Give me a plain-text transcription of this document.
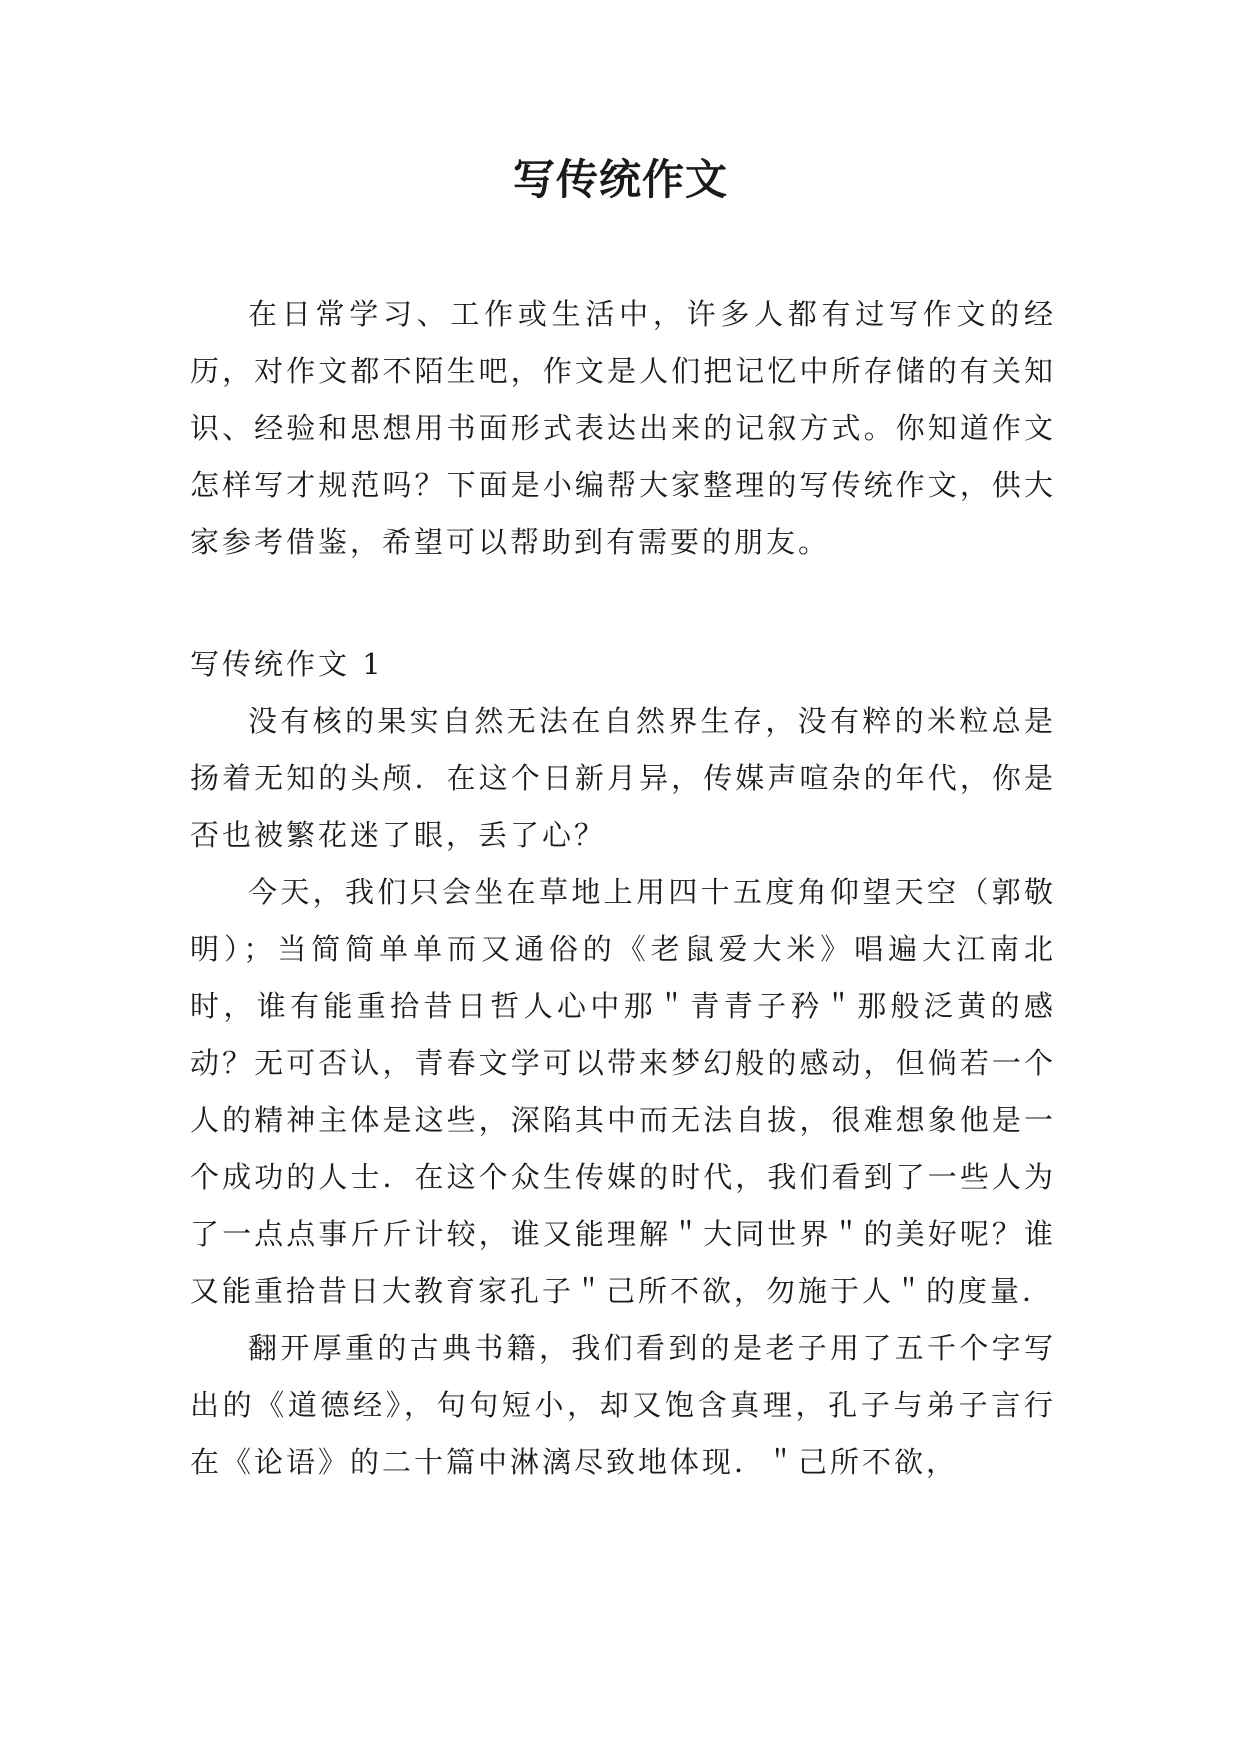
写传统作文

在日常学习、工作或生活中，许多人都有过写作文的经历，对作文都不陌生吧，作文是人们把记忆中所存储的有关知识、经验和思想用书面形式表达出来的记叙方式。你知道作文怎样写才规范吗？下面是小编帮大家整理的写传统作文，供大家参考借鉴，希望可以帮助到有需要的朋友。

写传统作文 1

没有核的果实自然无法在自然界生存，没有粹的米粒总是扬着无知的头颅．在这个日新月异，传媒声喧杂的年代，你是否也被繁花迷了眼，丢了心？

今天，我们只会坐在草地上用四十五度角仰望天空（郭敬明）；当简简单单而又通俗的《老鼠爱大米》唱遍大江南北时，谁有能重拾昔日哲人心中那＂青青子矜＂那般泛黄的感动？无可否认，青春文学可以带来梦幻般的感动，但倘若一个人的精神主体是这些，深陷其中而无法自拔，很难想象他是一个成功的人士．在这个众生传媒的时代，我们看到了一些人为了一点点事斤斤计较，谁又能理解＂大同世界＂的美好呢？谁又能重拾昔日大教育家孔子＂己所不欲，勿施于人＂的度量．

翻开厚重的古典书籍，我们看到的是老子用了五千个字写出的《道德经》，句句短小，却又饱含真理，孔子与弟子言行在《论语》的二十篇中淋漓尽致地体现．＂己所不欲，
